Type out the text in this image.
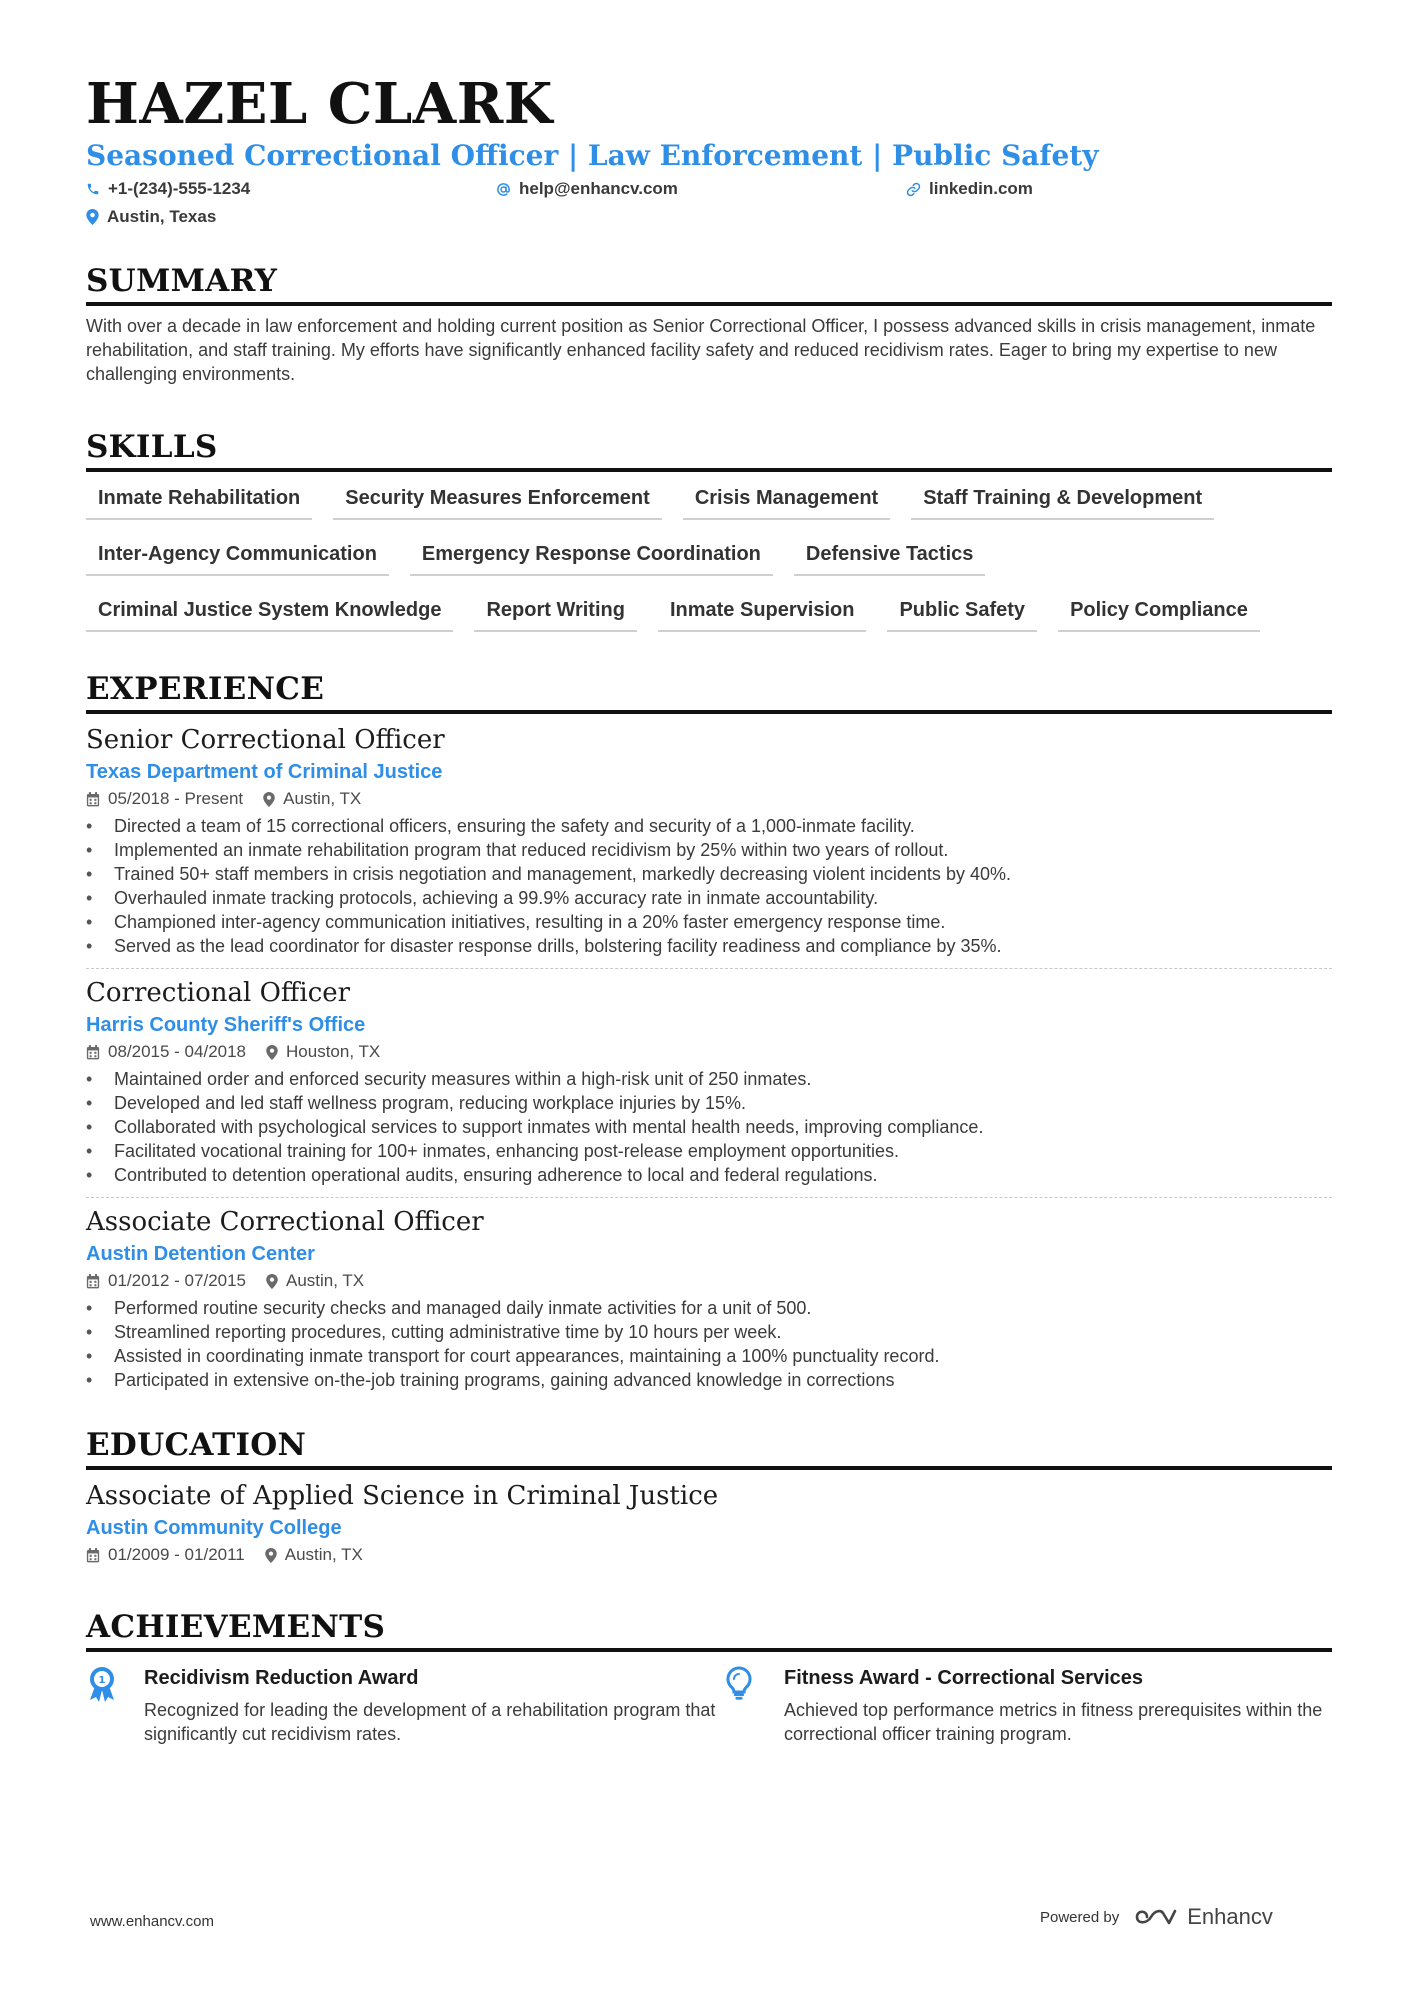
HAZEL CLARK
Seasoned Correctional Officer | Law Enforcement | Public Safety
+1-(234)-555-1234	help@enhancv.com	linkedin.com
Austin, Texas
SUMMARY
With over a decade in law enforcement and holding current position as Senior Correctional Officer, I possess advanced skills in crisis management, inmate rehabilitation, and staff training. My efforts have significantly enhanced facility safety and reduced recidivism rates. Eager to bring my expertise to new challenging environments.
SKILLS
Inmate Rehabilitation	Security Measures Enforcement	Crisis Management	Staff Training & Development
Inter-Agency Communication	Emergency Response Coordination	Defensive Tactics
Criminal Justice System Knowledge	Report Writing	Inmate Supervision	Public Safety	Policy Compliance
EXPERIENCE
Senior Correctional Officer
Texas Department of Criminal Justice
05/2018 - Present Austin, TX
• Directed a team of 15 correctional officers, ensuring the safety and security of a 1,000-inmate facility.
• Implemented an inmate rehabilitation program that reduced recidivism by 25% within two years of rollout.
• Trained 50+ staff members in crisis negotiation and management, markedly decreasing violent incidents by 40%.
• Overhauled inmate tracking protocols, achieving a 99.9% accuracy rate in inmate accountability.
• Championed inter-agency communication initiatives, resulting in a 20% faster emergency response time.
• Served as the lead coordinator for disaster response drills, bolstering facility readiness and compliance by 35%.
Correctional Officer
Harris County Sheriff's Office
08/2015 - 04/2018 Houston, TX
• Maintained order and enforced security measures within a high-risk unit of 250 inmates.
• Developed and led staff wellness program, reducing workplace injuries by 15%.
• Collaborated with psychological services to support inmates with mental health needs, improving compliance.
• Facilitated vocational training for 100+ inmates, enhancing post-release employment opportunities.
• Contributed to detention operational audits, ensuring adherence to local and federal regulations.
Associate Correctional Officer
Austin Detention Center
01/2012 - 07/2015 Austin, TX
• Performed routine security checks and managed daily inmate activities for a unit of 500.
• Streamlined reporting procedures, cutting administrative time by 10 hours per week.
• Assisted in coordinating inmate transport for court appearances, maintaining a 100% punctuality record.
• Participated in extensive on-the-job training programs, gaining advanced knowledge in corrections
EDUCATION
Associate of Applied Science in Criminal Justice
Austin Community College
01/2009 - 01/2011 Austin, TX
ACHIEVEMENTS
1 Recidivism Reduction Award
Recognized for leading the development of a rehabilitation program that significantly cut recidivism rates.
Fitness Award - Correctional Services
Achieved top performance metrics in fitness prerequisites within the correctional officer training program.
www.enhancv.com	Powered by	Enhancv
